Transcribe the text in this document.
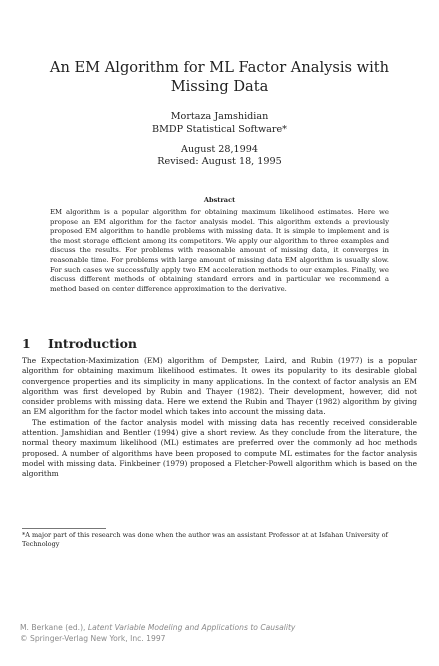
An EM Algorithm for ML Factor Analysis with
Missing Data
Mortaza Jamshidian
BMDP Statistical Software*
August 28,1994
Revised: August 18, 1995
Abstract
EM algorithm is a popular algorithm for obtaining maximum likelihood estimates. Here we propose an EM algorithm for the factor analysis model. This algorithm extends a previously proposed EM algorithm to handle problems with missing data. It is simple to implement and is the most storage efficient among its competitors. We apply our algorithm to three examples and discuss the results. For problems with reasonable amount of missing data, it converges in reasonable time. For problems with large amount of missing data EM algorithm is usually slow. For such cases we successfully apply two EM acceleration methods to our examples. Finally, we discuss different methods of obtaining standard errors and in particular we recommend a method based on center difference approximation to the derivative.
1 Introduction

The Expectation-Maximization (EM) algorithm of Dempster, Laird, and Rubin (1977) is a popular algorithm for obtaining maximum likelihood estimates. It owes its popularity to its desirable global convergence properties and its simplicity in many applications. In the context of factor analysis an EM algorithm was first developed by Rubin and Thayer (1982). Their development, however, did not consider problems with missing data. Here we extend the Rubin and Thayer (1982) algorithm by giving an EM algorithm for the factor model which takes into account the missing data.

The estimation of the factor analysis model with missing data has recently received considerable attention. Jamshidian and Bentler (1994) give a short review. As they conclude from the literature, the normal theory maximum likelihood (ML) estimates are preferred over the commonly ad hoc methods proposed. A number of algorithms have been proposed to compute ML estimates for the factor analysis model with missing data. Finkbeiner (1979) proposed a Fletcher-Powell algorithm which is based on the algorithm

*A major part of this research was done when the author was an assistant Professor at at Isfahan University of Technology
M. Berkane (ed.), Latent Variable Modeling and Applications to Causality
© Springer-Verlag New York, Inc. 1997
